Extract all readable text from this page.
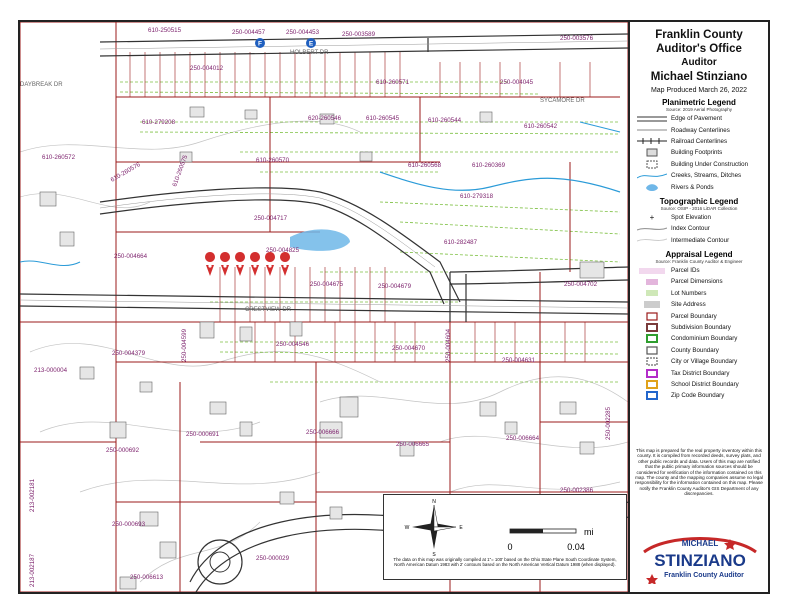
F	E
HOLBERT DR
DAYBREAK DR
SYCAMORE DR
CRESTVIEW DR
610-250515	250-004457	250-004453	250-003589
250-003576
250-004012
610-260571	250-004045
610-279208
620-260546	610-260545	610-260544
610-260542
610-260572
610-260576	610-260575	610-260570
610-260568	610-260369
610-279318
250-004717
250-004825
250-004664
610-282487
250-004702
250-004675	250-004679
250-004599
250-004379
250-004546
250-004670	250-004604	250-004631
213-000004
250-000691	250-006666
250-006665
250-006664
250-000692
250-002285
213-002181	250-002386
250-000693
250-000029
213-002187	250-006613
N
S
E
W	mi
0	0.04
The data on this map was originally compiled at 1"= 100' based on the Ohio State Plane South Coordinate System, North American Datum 1983 with 2' contours based on the North American Vertical Datum 1988 (when displayed).
Franklin County
Auditor's Office
Auditor
Michael Stinziano
Map Produced March 26, 2022
Planimetric Legend
Source: 2019 Aerial Photography
Edge of Pavement
Roadway Centerlines
Railroad Centerlines
Building Footprints
Building Under Construction
Creeks, Streams, Ditches
Rivers & Ponds
Topographic Legend
Source: OSIP - 2016 LiDAR Collection
+	Spot Elevation
Index Contour
Intermediate Contour
Appraisal Legend
Source: Franklin County Auditor & Engineer
Parcel IDs
Parcel Dimensions
Lot Numbers
Site Address
Parcel Boundary
Subdivision Boundary
Condominium Boundary
County Boundary
City or Village Boundary
Tax District Boundary
School District Boundary
Zip Code Boundary
This map is prepared for the real property inventory within this county. It is compiled from recorded deeds, survey plats, and other public records and data. Users of this map are notified that the public primary information sources should be considered for verification of the information contained on this map. The county and the mapping companies assume no legal responsibility for the information contained on this map. Please notify the Franklin County Auditor's GIS Department of any discrepancies.
MICHAEL
STINZIANO
Franklin County Auditor
